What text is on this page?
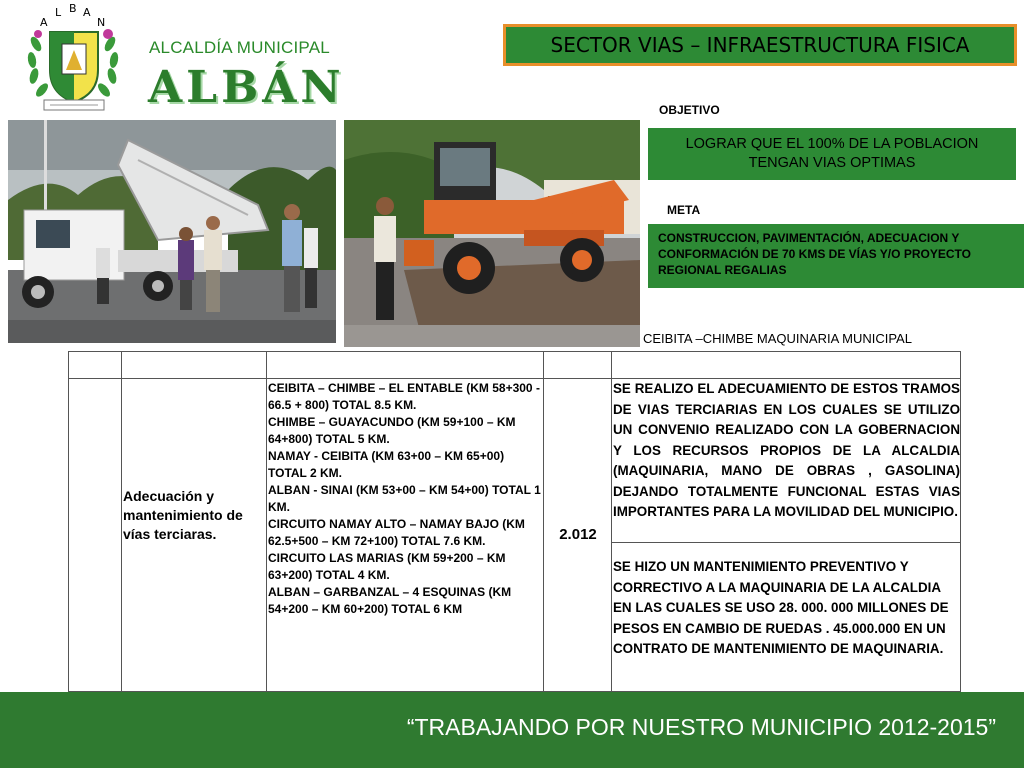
A
L B A
N
ALCALDÍA MUNICIPAL
ALBÁN
SECTOR VIAS – INFRAESTRUCTURA FISICA
OBJETIVO
LOGRAR QUE EL 100% DE LA POBLACION TENGAN VIAS OPTIMAS
META
CONSTRUCCION, PAVIMENTACIÓN, ADECUACION Y CONFORMACIÓN DE 70 KMS DE VÍAS Y/O PROYECTO REGIONAL REGALIAS
CEIBITA –CHIMBE MAQUINARIA MUNICIPAL
Adecuación y mantenimiento de vías terciaras.
CEIBITA – CHIMBE – EL ENTABLE (KM 58+300 - 66.5 + 800) TOTAL 8.5 KM.
CHIMBE – GUAYACUNDO (KM 59+100 – KM 64+800) TOTAL 5 KM.
NAMAY - CEIBITA (KM 63+00 – KM 65+00) TOTAL 2 KM.
ALBAN - SINAI (KM 53+00 – KM 54+00) TOTAL 1 KM.
CIRCUITO NAMAY ALTO – NAMAY BAJO (KM 62.5+500 – KM 72+100) TOTAL 7.6 KM.
CIRCUITO LAS MARIAS (KM 59+200 – KM 63+200) TOTAL 4 KM.
ALBAN – GARBANZAL – 4 ESQUINAS (KM 54+200 – KM 60+200) TOTAL 6 KM
2.012
SE REALIZO EL ADECUAMIENTO DE ESTOS TRAMOS DE VIAS TERCIARIAS EN LOS CUALES SE UTILIZO UN CONVENIO REALIZADO CON LA GOBERNACION Y LOS RECURSOS PROPIOS DE LA ALCALDIA (MAQUINARIA, MANO DE OBRAS , GASOLINA) DEJANDO TOTALMENTE FUNCIONAL ESTAS VIAS IMPORTANTES PARA LA MOVILIDAD DEL MUNICIPIO.
SE HIZO UN MANTENIMIENTO PREVENTIVO Y CORRECTIVO A LA MAQUINARIA DE LA ALCALDIA EN LAS CUALES SE USO 28. 000. 000 MILLONES DE PESOS EN CAMBIO DE RUEDAS . 45.000.000 EN UN CONTRATO DE MANTENIMIENTO DE MAQUINARIA.
“TRABAJANDO POR NUESTRO MUNICIPIO 2012-2015”
